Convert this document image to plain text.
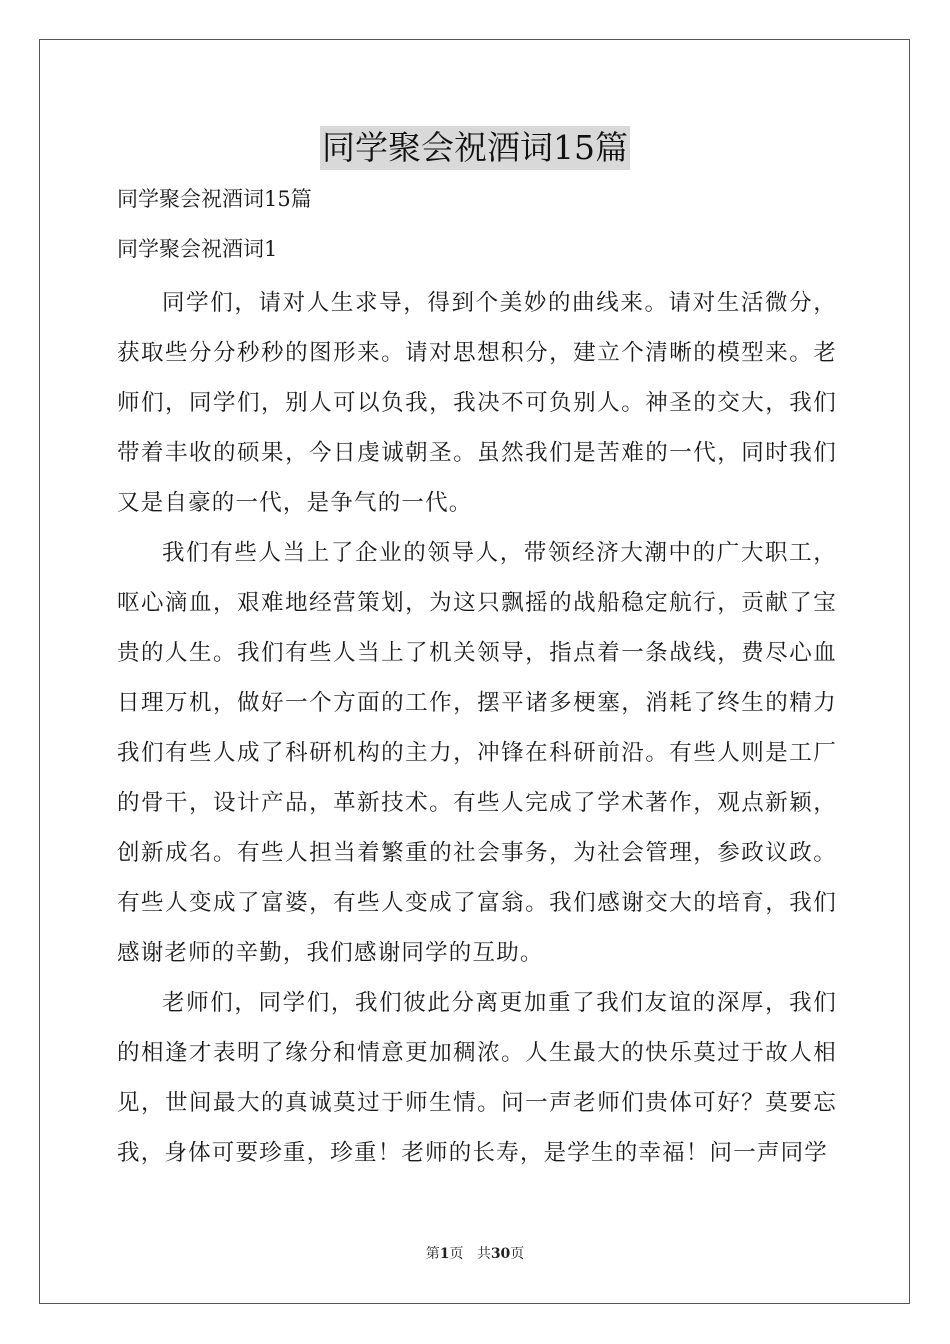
同学聚会祝酒词15篇
同学聚会祝酒词15篇
同学聚会祝酒词1

同学们，请对人生求导，得到个美妙的曲线来。请对生活微分，获取些分分秒秒的图形来。请对思想积分，建立个清晰的模型来。老师们，同学们，别人可以负我，我决不可负别人。神圣的交大，我们带着丰收的硕果，今日虔诚朝圣。虽然我们是苦难的一代，同时我们又是自豪的一代，是争气的一代。

我们有些人当上了企业的领导人，带领经济大潮中的广大职工，呕心滴血，艰难地经营策划，为这只飘摇的战船稳定航行，贡献了宝贵的人生。我们有些人当上了机关领导，指点着一条战线，费尽心血日理万机，做好一个方面的工作，摆平诸多梗塞，消耗了终生的精力我们有些人成了科研机构的主力，冲锋在科研前沿。有些人则是工厂的骨干，设计产品，革新技术。有些人完成了学术著作，观点新颖，创新成名。有些人担当着繁重的社会事务，为社会管理，参政议政。有些人变成了富婆，有些人变成了富翁。我们感谢交大的培育，我们感谢老师的辛勤，我们感谢同学的互助。

老师们，同学们，我们彼此分离更加重了我们友谊的深厚，我们的相逢才表明了缘分和情意更加稠浓。人生最大的快乐莫过于故人相见，世间最大的真诚莫过于师生情。问一声老师们贵体可好？莫要忘我，身体可要珍重，珍重！老师的长寿，是学生的幸福！问一声同学

第1页 共30页
